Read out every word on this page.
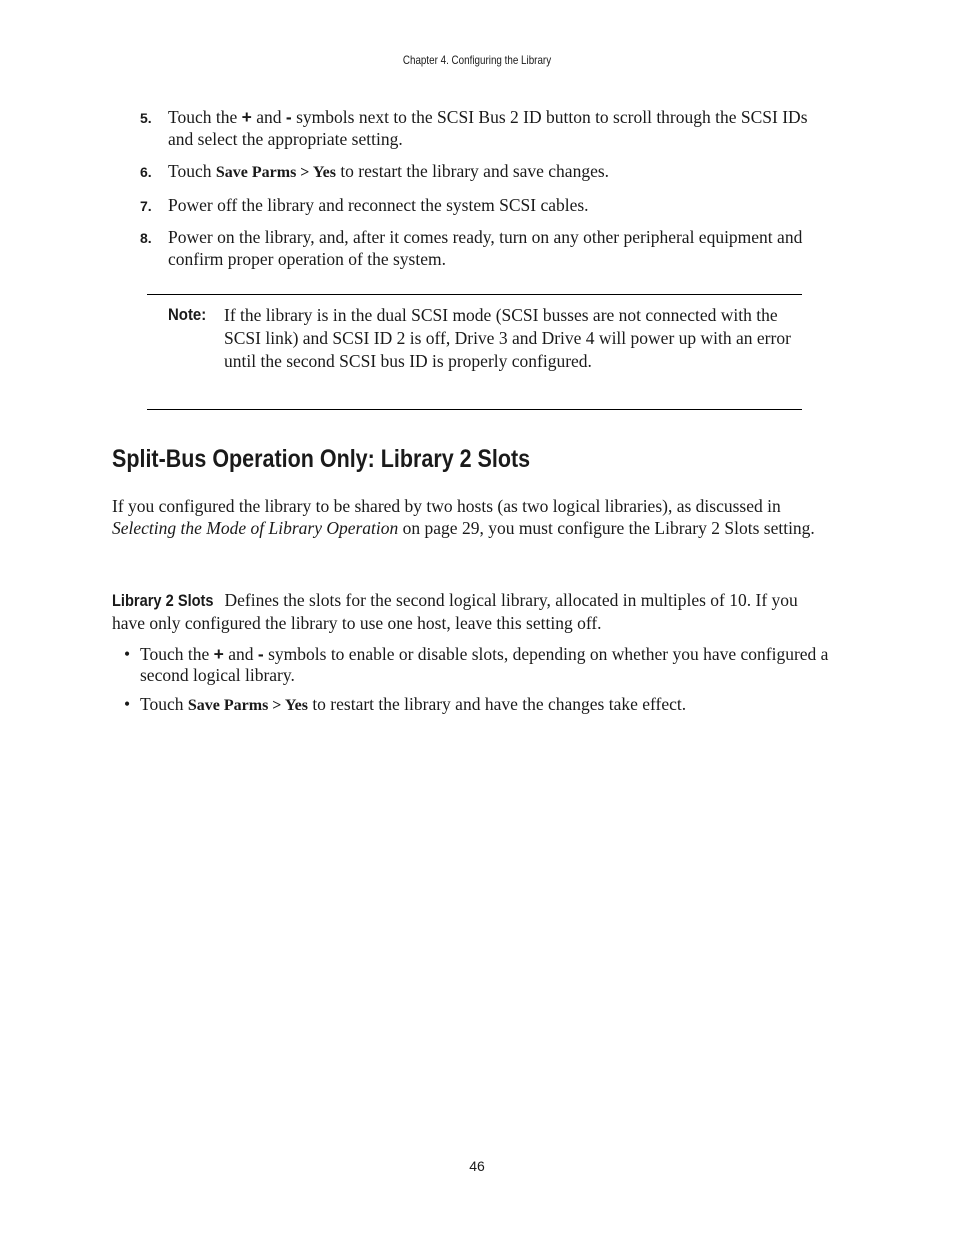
Chapter 4. Configuring the Library
5. Touch the + and - symbols next to the SCSI Bus 2 ID button to scroll through the SCSI IDs and select the appropriate setting.
6. Touch Save Parms > Yes to restart the library and save changes.
7. Power off the library and reconnect the system SCSI cables.
8. Power on the library, and, after it comes ready, turn on any other peripheral equipment and confirm proper operation of the system.
Note: If the library is in the dual SCSI mode (SCSI busses are not connected with the SCSI link) and SCSI ID 2 is off, Drive 3 and Drive 4 will power up with an error until the second SCSI bus ID is properly configured.
Split-Bus Operation Only: Library 2 Slots

If you configured the library to be shared by two hosts (as two logical libraries), as discussed in Selecting the Mode of Library Operation on page 29, you must configure the Library 2 Slots setting.

Library 2 Slots Defines the slots for the second logical library, allocated in multiples of 10. If you have only configured the library to use one host, leave this setting off.

• Touch the + and - symbols to enable or disable slots, depending on whether you have configured a second logical library.
• Touch Save Parms > Yes to restart the library and have the changes take effect.
46
